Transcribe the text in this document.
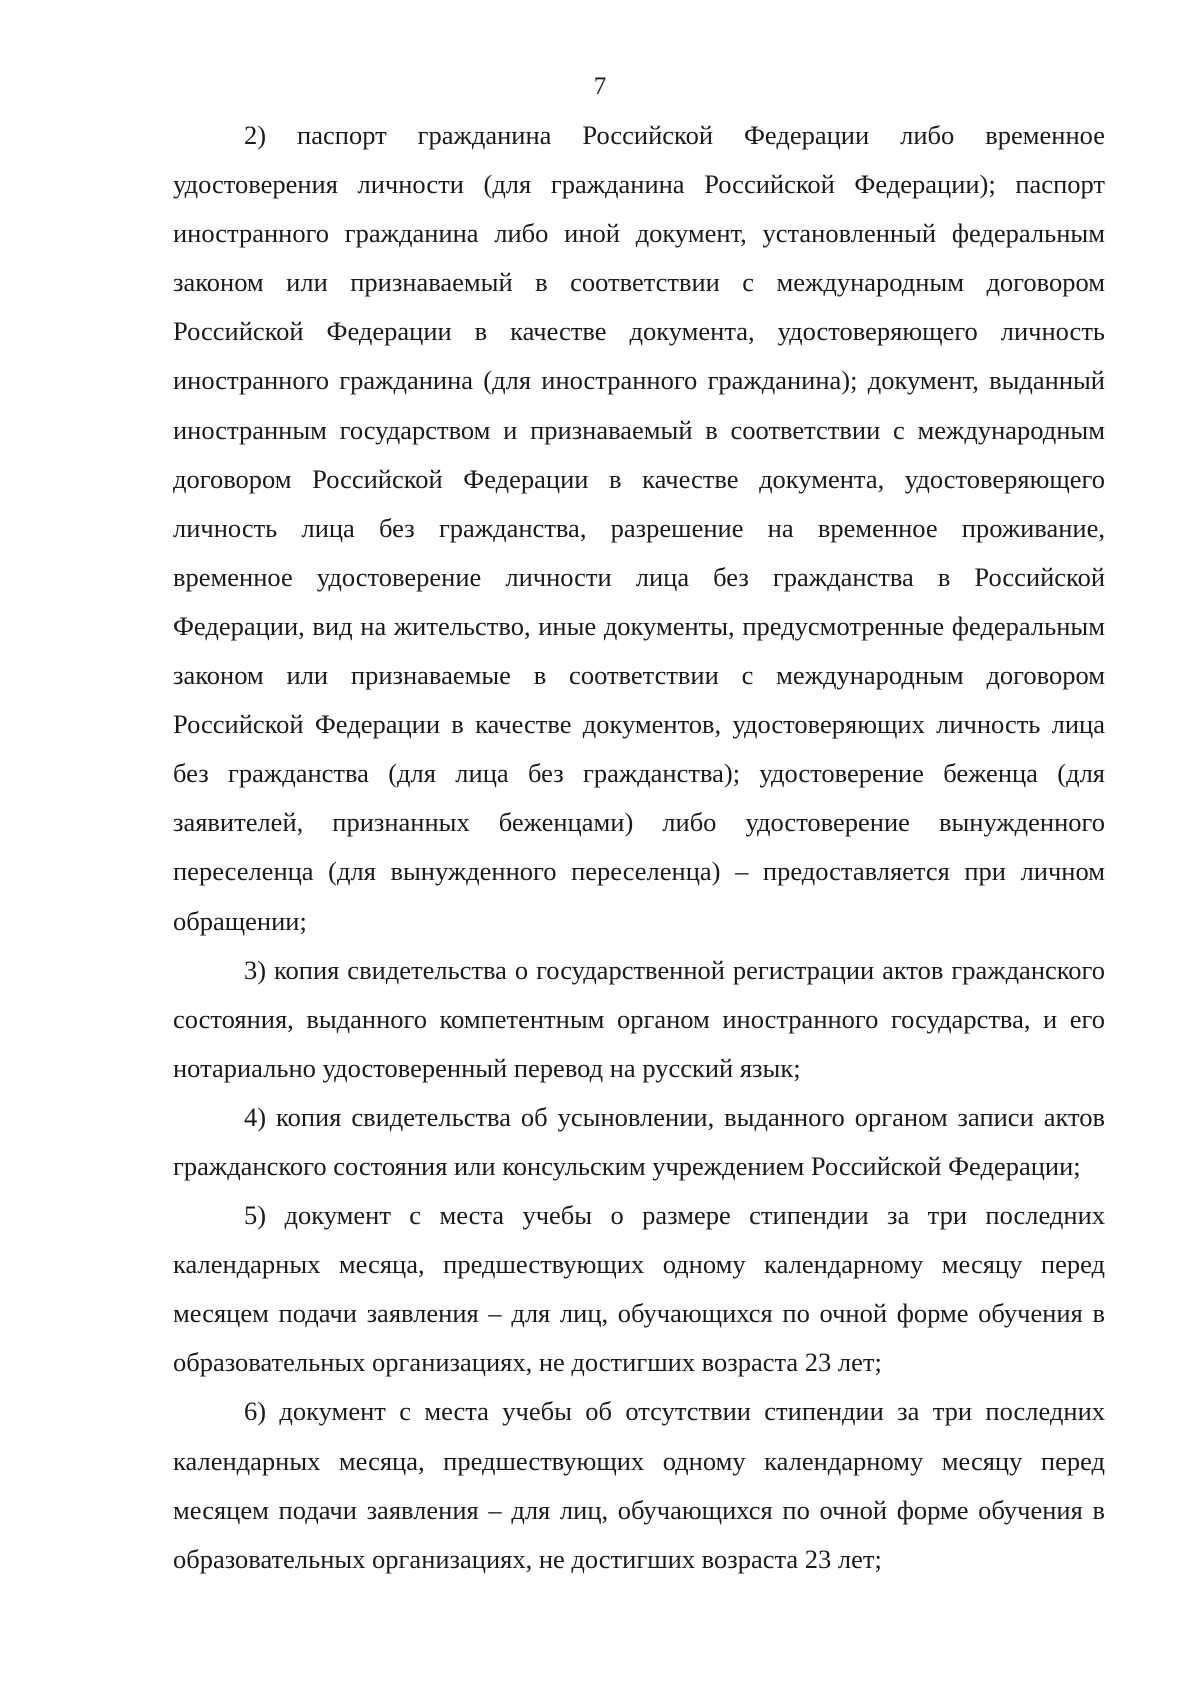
7

2) паспорт гражданина Российской Федерации либо временное удостоверения личности (для гражданина Российской Федерации); паспорт иностранного гражданина либо иной документ, установленный федеральным законом или признаваемый в соответствии с международным договором Российской Федерации в качестве документа, удостоверяющего личность иностранного гражданина (для иностранного гражданина); документ, выданный иностранным государством и признаваемый в соответствии с международным договором Российской Федерации в качестве документа, удостоверяющего личность лица без гражданства, разрешение на временное проживание, временное удостоверение личности лица без гражданства в Российской Федерации, вид на жительство, иные документы, предусмотренные федеральным законом или признаваемые в соответствии с международным договором Российской Федерации в качестве документов, удостоверяющих личность лица без гражданства (для лица без гражданства); удостоверение беженца (для заявителей, признанных беженцами) либо удостоверение вынужденного переселенца (для вынужденного переселенца) – предоставляется при личном обращении;

3) копия свидетельства о государственной регистрации актов гражданского состояния, выданного компетентным органом иностранного государства, и его нотариально удостоверенный перевод на русский язык;

4) копия свидетельства об усыновлении, выданного органом записи актов гражданского состояния или консульским учреждением Российской Федерации;

5) документ с места учебы о размере стипендии за три последних календарных месяца, предшествующих одному календарному месяцу перед месяцем подачи заявления – для лиц, обучающихся по очной форме обучения в образовательных организациях, не достигших возраста 23 лет;

6) документ с места учебы об отсутствии стипендии за три последних календарных месяца, предшествующих одному календарному месяцу перед месяцем подачи заявления – для лиц, обучающихся по очной форме обучения в образовательных организациях, не достигших возраста 23 лет;
